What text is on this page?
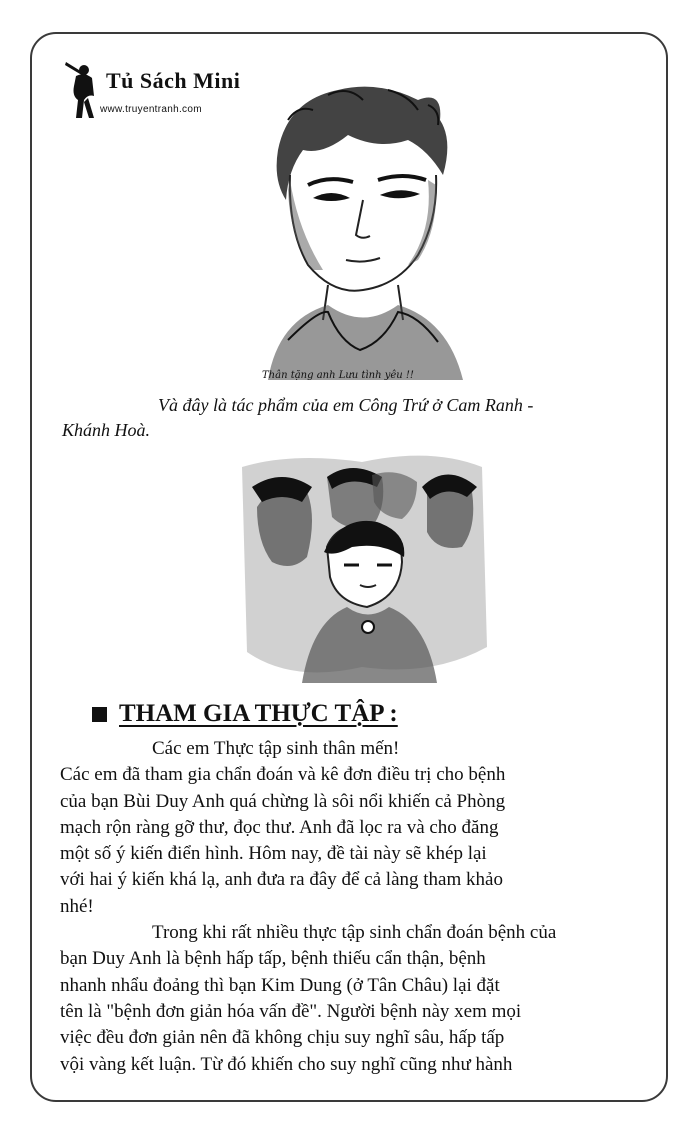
Tủ Sách Mini
www.truyentranh.com
Thân tặng anh Lưu tình yêu !!
Và đây là tác phẩm của em Công Trứ ở Cam Ranh -
Khánh Hoà.
THAM GIA THỰC TẬP :
Các em Thực tập sinh thân mến!
Các em đã tham gia chẩn đoán và kê đơn điều trị cho bệnh
của bạn Bùi Duy Anh quá chừng là sôi nổi khiến cả Phòng
mạch rộn ràng gỡ thư, đọc thư. Anh đã lọc ra và cho đăng
một số ý kiến điển hình. Hôm nay, đề tài này sẽ khép lại
với hai ý kiến khá lạ, anh đưa ra đây để cả làng tham khảo
nhé!
Trong khi rất nhiều thực tập sinh chẩn đoán bệnh của
bạn Duy Anh là bệnh hấp tấp, bệnh thiếu cẩn thận, bệnh
nhanh nhẩu đoảng thì bạn Kim Dung (ở Tân Châu) lại đặt
tên là "bệnh đơn giản hóa vấn đề". Người bệnh này xem mọi
việc đều đơn giản nên đã không chịu suy nghĩ sâu, hấp tấp
vội vàng kết luận. Từ đó khiến cho suy nghĩ cũng như hành
